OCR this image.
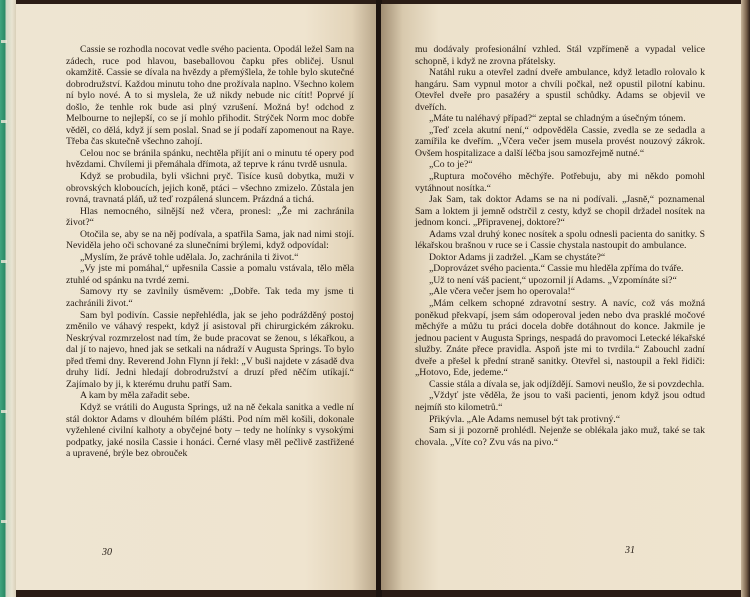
Cassie se rozhodla nocovat vedle svého pacienta. Opodál ležel Sam na zádech, ruce pod hlavou, baseballovou čapku přes obličej. Usnul okamžitě. Cassie se dívala na hvězdy a přemýšlela, že tohle bylo skutečné dobrodružství. Každou minutu toho dne prožívala naplno. Všechno kolem ní bylo nové. A to si myslela, že už nikdy nebude nic cítit! Poprvé jí došlo, že tenhle rok bude asi plný vzrušení. Možná by! odchod z Melbourne to nejlepší, co se jí mohlo přihodit. Strýček Norm moc dobře věděl, co dělá, když jí sem poslal. Snad se jí podaří zapomenout na Raye. Třeba čas skutečně všechno zahojí.

Celou noc se bránila spánku, nechtěla přijít ani o minutu té opery pod hvězdami. Chvílemi ji přemáhala dřímota, až teprve k ránu tvrdě usnula.

Když se probudila, byli všichni pryč. Tisíce kusů dobytka, muži v obrovských kloboucích, jejich koně, ptáci – všechno zmizelo. Zůstala jen rovná, travnatá pláň, už teď rozpálená sluncem. Prázdná a tichá.

Hlas nemocného, silnější než včera, pronesl: „Že mi zachránila život?“

Otočila se, aby se na něj podívala, a spatřila Sama, jak nad nimi stojí. Neviděla jeho oči schované za slunečními brýlemi, když odpovídal:

„Myslím, že právě tohle udělala. Jo, zachránila ti život.“

„Vy jste mi pomáhal,“ upřesnila Cassie a pomalu vstávala, tělo měla ztuhlé od spánku na tvrdé zemi.

Samovy rty se zavlnily úsměvem: „Dobře. Tak teda my jsme ti zachránili život.“

Sam byl podivín. Cassie nepřehlédla, jak se jeho podrážděný postoj změnilo ve váhavý respekt, když jí asistoval při chirurgickém zákroku. Neskrýval rozmrzelost nad tím, že bude pracovat se ženou, s lékařkou, a dal jí to najevo, hned jak se setkali na nádraží v Augusta Springs. To bylo před třemi dny. Reverend John Flynn jí řekl: „V buši najdete v zásadě dva druhy lidí. Jedni hledají dobrodružství a druzí před něčím utíkají.“ Zajímalo by ji, k kterému druhu patří Sam.

A kam by měla zařadit sebe.

Když se vrátili do Augusta Springs, už na ně čekala sanitka a vedle ní stál doktor Adams v dlouhém bílém plášti. Pod ním měl košili, dokonale vyžehlené civilní kalhoty a obyčejné boty – tedy ne holínky s vysokými podpatky, jaké nosila Cassie i honáci. Černé vlasy měl pečlivě zastřižené a upravené, brýle bez obrouček

30

mu dodávaly profesionální vzhled. Stál vzpřímeně a vypadal velice schopně, i když ne zrovna přátelsky.

Natáhl ruku a otevřel zadní dveře ambulance, když letadlo rolovalo k hangáru. Sam vypnul motor a chvíli počkal, než opustil pilotní kabinu. Otevřel dveře pro pasažéry a spustil schůdky. Adams se objevil ve dveřích.

„Máte tu naléhavý případ?“ zeptal se chladným a úsečným tónem.

„Teď zcela akutní není,“ odpověděla Cassie, zvedla se ze sedadla a zamířila ke dveřím. „Včera večer jsem musela provést nouzový zákrok. Ovšem hospitalizace a další léčba jsou samozřejmě nutné.“

„Co to je?“

„Ruptura močového měchýře. Potřebuju, aby mi někdo pomohl vytáhnout nosítka.“

Jak Sam, tak doktor Adams se na ni podívali. „Jasně,“ poznamenal Sam a loktem ji jemně odstrčil z cesty, když se chopil držadel nosítek na jednom konci. „Připravenej, doktore?“

Adams vzal druhý konec nosítek a spolu odnesli pacienta do sanitky. S lékařskou brašnou v ruce se i Cassie chystala nastoupit do ambulance.

Doktor Adams ji zadržel. „Kam se chystáte?“

„Doprovázet svého pacienta.“ Cassie mu hleděla zpříma do tváře.

„Už to není váš pacient,“ upozornil jí Adams. „Vzpomínáte si?“

„Ale včera večer jsem ho operovala!“

„Mám celkem schopné zdravotní sestry. A navíc, což vás možná poněkud překvapí, jsem sám odoperoval jeden nebo dva prasklé močové měchýře a můžu tu práci docela dobře dotáhnout do konce. Jakmile je jednou pacient v Augusta Springs, nespadá do pravomoci Letecké lékařské služby. Znáte přece pravidla. Aspoň jste mi to tvrdila.“ Zabouchl zadní dveře a přešel k přední straně sanitky. Otevřel si, nastoupil a řekl řidiči: „Hotovo, Ede, jedeme.“

Cassie stála a dívala se, jak odjíždějí. Samovi neušlo, že si povzdechla.

„Vždyť jste věděla, že jsou to vaši pacienti, jenom když jsou odtud nejmíň sto kilometrů.“

Přikývla. „Ale Adams nemusel být tak protivný.“

Sam si ji pozorně prohlédl. Nejenže se oblékala jako muž, také se tak chovala. „Víte co? Zvu vás na pivo.“

31
